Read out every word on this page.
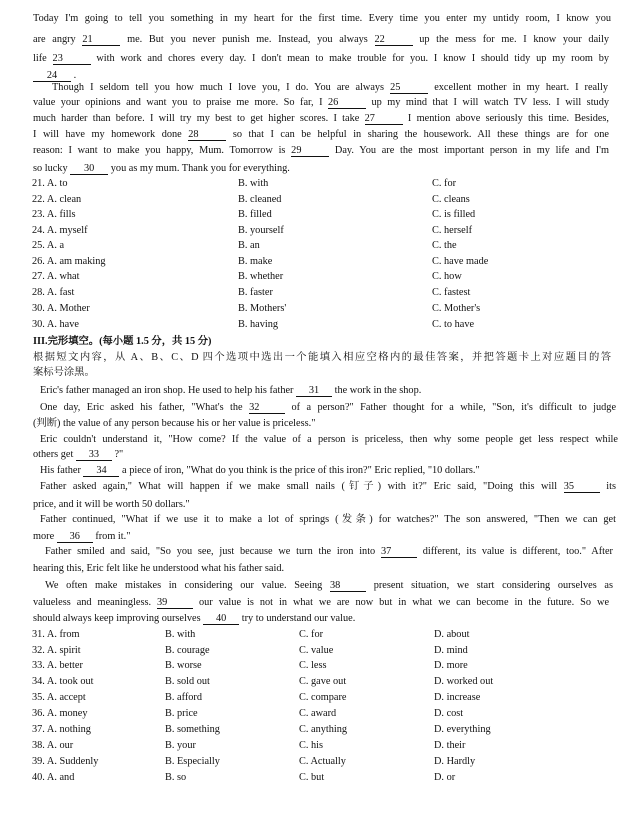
Today I'm going to tell you something in my heart for the first time. Every time you enter my untidy room, I know you
are angry 21	me. But you never punish me. Instead, you always 22	up the mess for me. I know your daily
life 23	with work and chores every day. I don't mean to make trouble for you. I know I should tidy up my room by
24 .
Though I seldom tell you how much I love you, I do. You are always 25	excellent mother in my heart. I really
value your opinions and want you to praise me more. So far, I 26	up my mind that I will watch TV less. I will study
much harder than before. I will try my best to get higher scores. I take 27	I mention above seriously this time. Besides,
I will have my homework done 28	so that I can be helpful in sharing the housework. All these things are for one
reason: I want to make you happy, Mum. Tomorrow is 29	Day. You are the most important person in my life and I'm
so lucky 30 you as my mum. Thank you for everything.
21. A. to	B. with	C. for
22. A. clean	B. cleaned	C. cleans
23. A. fills	B. filled	C. is filled
24. A. myself	B. yourself	C. herself
25. A. a	B. an	C. the
26. A. am making	B. make	C. have made
27. A. what	B. whether	C. how
28. A. fast	B. faster	C. fastest
30. A. Mother	B. Mothers'	C. Mother's
30. A. have	B. having	C. to have
III.完形填空。(每小题 1.5 分，共 15 分)
根据短文内容，从 A、B、C、D 四个选项中选出一个能填入相应空格内的最佳答案，并把答题卡上对应题目的答
案标号涂黑。
Eric's father managed an iron shop. He used to help his father 31 the work in the shop.
One day, Eric asked his father, "What's the 32	of a person?" Father thought for a while, "Son, it's difficult to judge
(判断) the value of any person because his or her value is priceless."
Eric couldn't understand it, "How come? If the value of a person is priceless, then why some people get less respect while
others get 33 ?"
His father 34 a piece of iron, "What do you think is the price of this iron?" Eric replied, "10 dollars."
Father asked again," What will happen if we make small nails (钉子) with it?" Eric said, "Doing this will 35	its
price, and it will be worth 50 dollars."
Father continued, "What if we use it to make a lot of springs (发条) for watches?" The son answered, "Then we can get
more 36 from it."
Father smiled and said, "So you see, just because we turn the iron into 37	different, its value is different, too." After
hearing this, Eric felt like he understood what his father said.
We often make mistakes in considering our value. Seeing 38	present situation, we start considering ourselves as
valueless and meaningless. 39	our value is not in what we are now but in what we can become in the future. So we
should always keep improving ourselves 40 try to understand our value.
31. A. from	B. with	C. for	D. about
32. A. spirit	B. courage	C. value	D. mind
33. A. better	B. worse	C. less	D. more
34. A. took out	B. sold out	C. gave out	D. worked out
35. A. accept	B. afford	C. compare	D. increase
36. A. money	B. price	C. award	D. cost
37. A. nothing	B. something	C. anything	D. everything
38. A. our	B. your	C. his	D. their
39. A. Suddenly	B. Especially	C. Actually	D. Hardly
40. A. and	B. so	C. but	D. or
